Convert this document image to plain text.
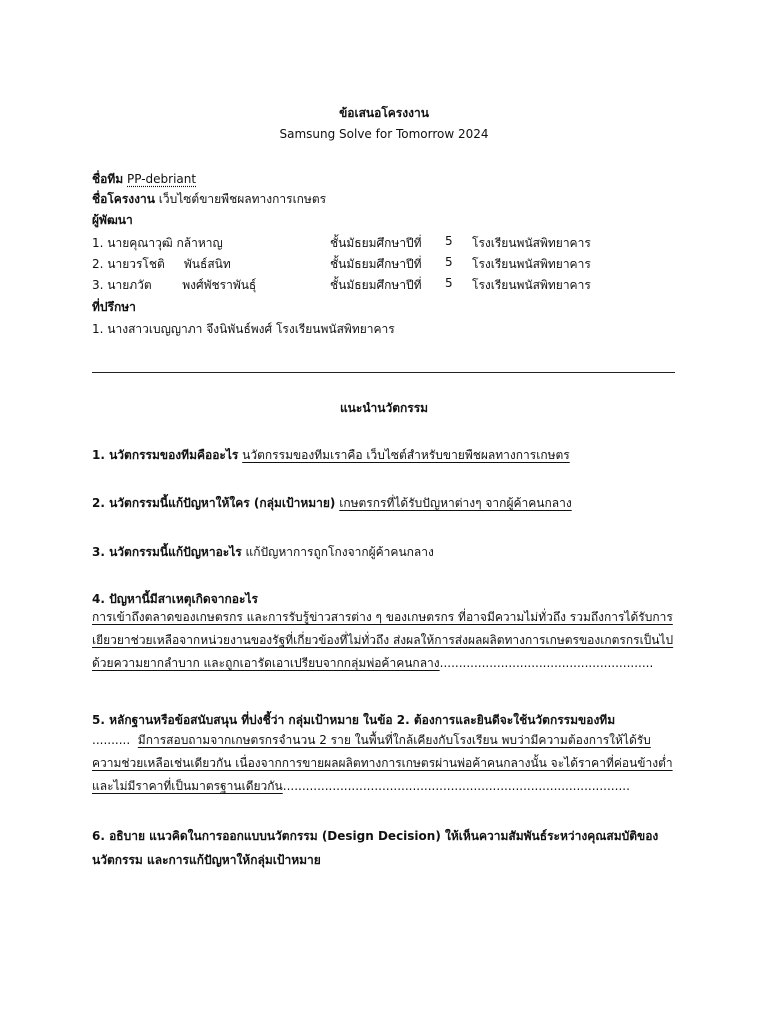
ข้อเสนอโครงงาน
Samsung Solve for Tomorrow 2024
ชื่อทีม PP-debriant
ชื่อโครงงาน เว็บไซต์ขายพืชผลทางการเกษตร
ผู้พัฒนา
1. นายคุณาวุฒิ กล้าหาญ	ชั้นมัธยมศึกษาปีที่ 5 โรงเรียนพนัสพิทยาคาร
2. นายวรโชติ     พันธ์สนิท	ชั้นมัธยมศึกษาปีที่ 5 โรงเรียนพนัสพิทยาคาร
3. นายภวัต        พงศ์พัชราพันธุ์	ชั้นมัธยมศึกษาปีที่ 5 โรงเรียนพนัสพิทยาคาร
ที่ปรึกษา
1. นางสาวเบญญาภา จึงนิพันธ์พงศ์ โรงเรียนพนัสพิทยาคาร
แนะนำนวัตกรรม
1. นวัตกรรมของทีมคืออะไร นวัตกรรมของทีมเราคือ เว็บไซต์สำหรับขายพืชผลทางการเกษตร
2. นวัตกรรมนี้แก้ปัญหาให้ใคร (กลุ่มเป้าหมาย) เกษตรกรที่ได้รับปัญหาต่างๆ จากผู้ค้าคนกลาง
3. นวัตกรรมนี้แก้ปัญหาอะไร แก้ปัญหาการถูกโกงจากผู้ค้าคนกลาง
4. ปัญหานี้มีสาเหตุเกิดจากอะไร
การเข้าถึงตลาดของเกษตรกร และการรับรู้ข่าวสารต่าง ๆ ของเกษตรกร ที่อาจมีความไม่ทั่วถึง รวมถึงการได้รับการ
เยียวยาช่วยเหลือจากหน่วยงานของรัฐที่เกี่ยวข้องที่ไม่ทั่วถึง ส่งผลให้การส่งผลผลิตทางการเกษตรของเกตรกรเป็นไป
ด้วยความยากลำบาก และถูกเอารัดเอาเปรียบจากกลุ่มพ่อค้าคนกลาง........................................................
5. หลักฐานหรือข้อสนับสนุน ที่บ่งชี้ว่า กลุ่มเป้าหมาย ในข้อ 2. ต้องการและยินดีจะใช้นวัตกรรมของทีม
.......... มีการสอบถามจากเกษตรกรจำนวน 2 ราย ในพื้นที่ใกล้เคียงกับโรงเรียน พบว่ามีความต้องการให้ได้รับ
ความช่วยเหลือเช่นเดียวกัน เนื่องจากการขายผลผลิตทางการเกษตรผ่านพ่อค้าคนกลางนั้น จะได้ราคาที่ค่อนข้างต่ำ
และไม่มีราคาที่เป็นมาตรฐานเดียวกัน...........................................................................................
6. อธิบาย แนวคิดในการออกแบบนวัตกรรม (Design Decision) ให้เห็นความสัมพันธ์ระหว่างคุณสมบัติของ
นวัตกรรม และการแก้ปัญหาให้กลุ่มเป้าหมาย
